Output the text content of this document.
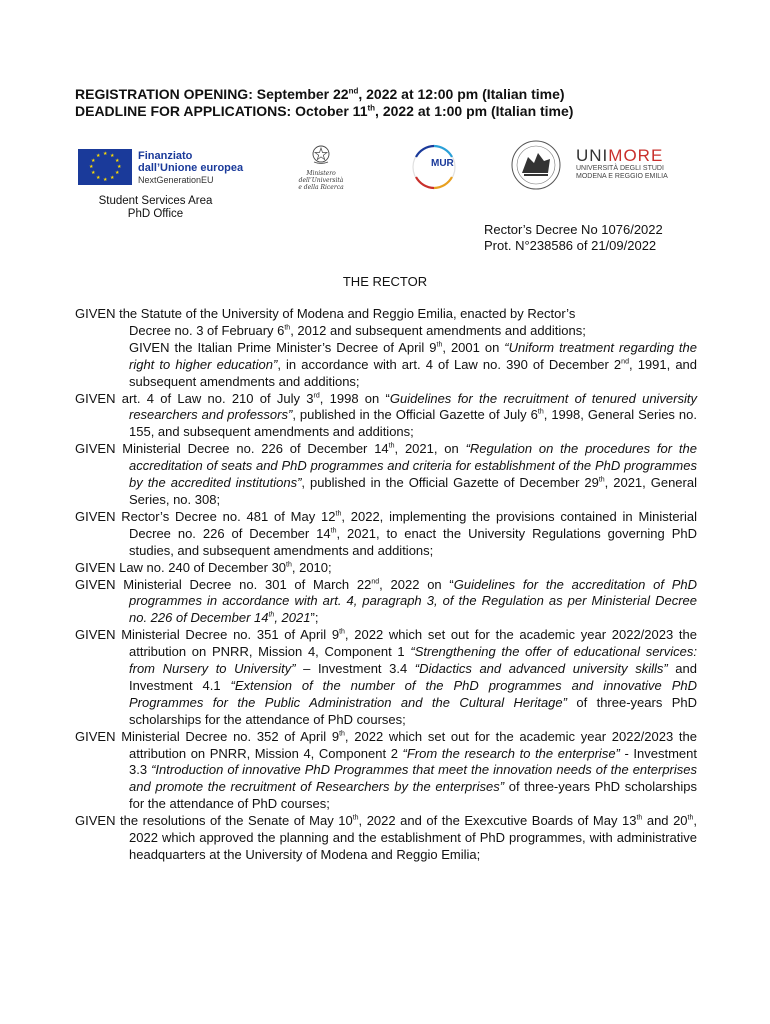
REGISTRATION OPENING: September 22nd, 2022 at 12:00 pm (Italian time)
DEADLINE FOR APPLICATIONS: October 11th, 2022 at 1:00 pm (Italian time)
★ ★
★
★
★
★
★
★
★
★
★
★	Finanziato
dall’Unione europea
NextGenerationEU
Ministero dell’Università
e della Ricerca
MUR	UNIMORE
UNIVERSITÀ DEGLI STUDI
MODENA E REGGIO EMILIA
Student Services Area
PhD Office
Rector’s Decree No 1076/2022
Prot. N°238586 of 21/09/2022
THE RECTOR
GIVEN the Statute of the University of Modena and Reggio Emilia, enacted by Rector’s
Decree no. 3 of February 6th, 2012 and subsequent amendments and additions;
GIVEN the Italian Prime Minister’s Decree of April 9th, 2001 on “Uniform treatment regarding the right to higher education”, in accordance with art. 4 of Law no. 390 of December 2nd, 1991, and subsequent amendments and additions;
GIVEN art. 4 of Law no. 210 of July 3rd, 1998 on “Guidelines for the recruitment of tenured university researchers and professors”, published in the Official Gazette of July 6th, 1998, General Series no. 155, and subsequent amendments and additions;
GIVEN Ministerial Decree no. 226 of December 14th, 2021, on “Regulation on the procedures for the accreditation of seats and PhD programmes and criteria for establishment of the PhD programmes by the accredited institutions”, published in the Official Gazette of December 29th, 2021, General Series, no. 308;
GIVEN Rector’s Decree no. 481 of May 12th, 2022, implementing the provisions contained in Ministerial Decree no. 226 of December 14th, 2021, to enact the University Regulations governing PhD studies, and subsequent amendments and additions;
GIVEN Law no. 240 of December 30th, 2010;
GIVEN Ministerial Decree no. 301 of March 22nd, 2022 on “Guidelines for the accreditation of PhD programmes in accordance with art. 4, paragraph 3, of the Regulation as per Ministerial Decree no. 226 of December 14th, 2021”;
GIVEN Ministerial Decree no. 351 of April 9th, 2022 which set out for the academic year 2022/2023 the attribution on PNRR, Mission 4, Component 1 “Strengthening the offer of educational services: from Nursery to University” – Investment 3.4 “Didactics and advanced university skills” and Investment 4.1 “Extension of the number of the PhD programmes and innovative PhD Programmes for the Public Administration and the Cultural Heritage” of three-years PhD scholarships for the attendance of PhD courses;
GIVEN Ministerial Decree no. 352 of April 9th, 2022 which set out for the academic year 2022/2023 the attribution on PNRR, Mission 4, Component 2 “From the research to the enterprise” - Investment 3.3 “Introduction of innovative PhD Programmes that meet the innovation needs of the enterprises and promote the recruitment of Researchers by the enterprises” of three-years PhD scholarships for the attendance of PhD courses;
GIVEN the resolutions of the Senate of May 10th, 2022 and of the Exexcutive Boards of May 13th and 20th, 2022 which approved the planning and the establishment of PhD programmes, with administrative headquarters at the University of Modena and Reggio Emilia;
